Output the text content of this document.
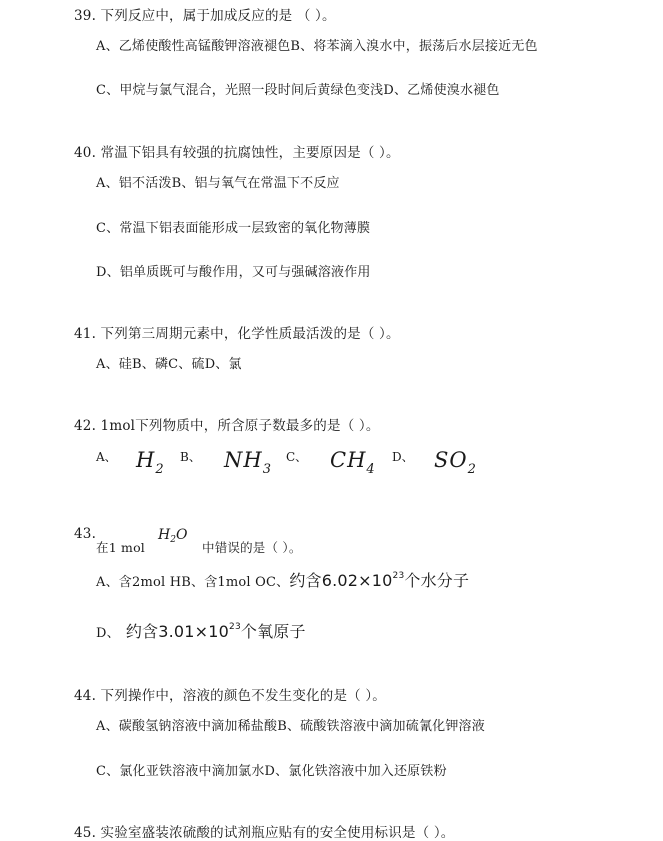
39. 下列反应中，属于加成反应的是 （ ）。
A、乙烯使酸性高锰酸钾溶液褪色B、将苯滴入溴水中，振荡后水层接近无色
C、甲烷与氯气混合，光照一段时间后黄绿色变浅D、乙烯使溴水褪色
40. 常温下铝具有较强的抗腐蚀性，主要原因是（ ）。
A、铝不活泼B、铝与氧气在常温下不反应
C、常温下铝表面能形成一层致密的氧化物薄膜
D、铝单质既可与酸作用，又可与强碱溶液作用
41. 下列第三周期元素中，化学性质最活泼的是（ ）。
A、硅B、磷C、硫D、氯
42. 1mol下列物质中，所含原子数最多的是（ ）。
A、 $H_2$
B、 $NH_3$
C、 $CH_4$
D、 $SO_2$
43.
在1 mol
$H_2O$
中错误的是（ ）。
A、含2mol HB、含1mol OC、约含$6.02\times 10^{23}$个水分子
D、 约含$3.01\times 10^{23}$个氧原子
44. 下列操作中，溶液的颜色不发生变化的是（ ）。
A、碳酸氢钠溶液中滴加稀盐酸B、硫酸铁溶液中滴加硫氰化钾溶液
C、氯化亚铁溶液中滴加氯水D、氯化铁溶液中加入还原铁粉
45. 实验室盛装浓硫酸的试剂瓶应贴有的安全使用标识是（ ）。
